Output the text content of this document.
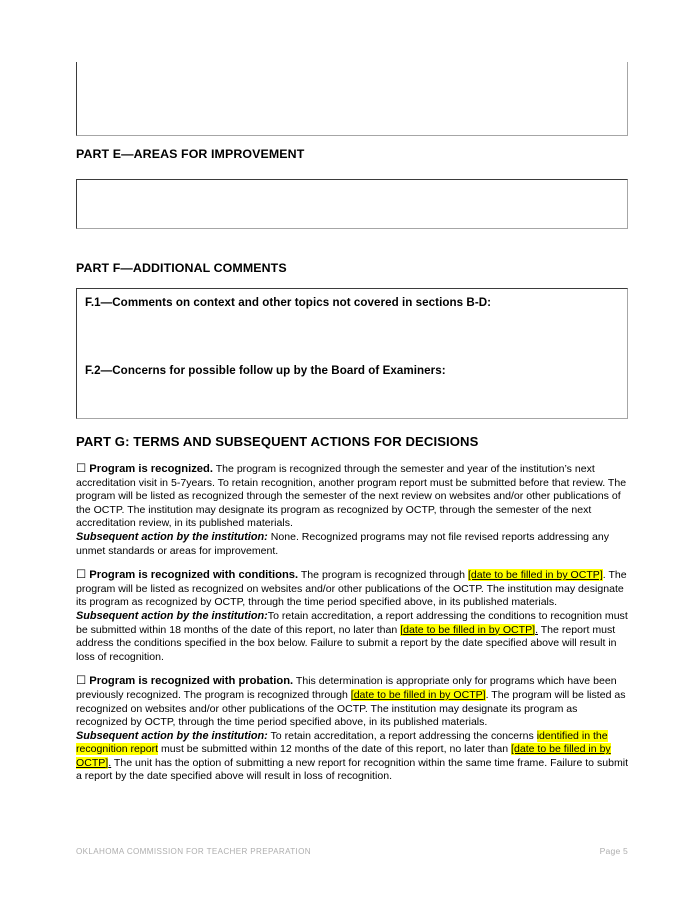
PART E—AREAS FOR IMPROVEMENT
PART F—ADDITIONAL COMMENTS
F.1—Comments on context and other topics not covered in sections B-D:
F.2—Concerns for possible follow up by the Board of Examiners:
PART G: TERMS AND SUBSEQUENT ACTIONS FOR DECISIONS

☐ Program is recognized. The program is recognized through the semester and year of the institution’s next accreditation visit in 5-7years. To retain recognition, another program report must be submitted before that review. The program will be listed as recognized through the semester of the next review on websites and/or other publications of the OCTP. The institution may designate its program as recognized by OCTP, through the semester of the next accreditation review, in its published materials.

Subsequent action by the institution: None. Recognized programs may not file revised reports addressing any unmet standards or areas for improvement.

☐ Program is recognized with conditions. The program is recognized through [date to be filled in by OCTP]. The program will be listed as recognized on websites and/or other publications of the OCTP. The institution may designate its program as recognized by OCTP, through the time period specified above, in its published materials.

Subsequent action by the institution:To retain accreditation, a report addressing the conditions to recognition must be submitted within 18 months of the date of this report, no later than [date to be filled in by OCTP]. The report must address the conditions specified in the box below. Failure to submit a report by the date specified above will result in loss of recognition.

☐ Program is recognized with probation. This determination is appropriate only for programs which have been previously recognized. The program is recognized through [date to be filled in by OCTP]. The program will be listed as recognized on websites and/or other publications of the OCTP. The institution may designate its program as recognized by OCTP, through the time period specified above, in its published materials.

Subsequent action by the institution: To retain accreditation, a report addressing the concerns identified in the recognition report must be submitted within 12 months of the date of this report, no later than [date to be filled in by OCTP]. The unit has the option of submitting a new report for recognition within the same time frame. Failure to submit a report by the date specified above will result in loss of recognition.

OKLAHOMA COMMISSION FOR TEACHER PREPARATION	Page 5
